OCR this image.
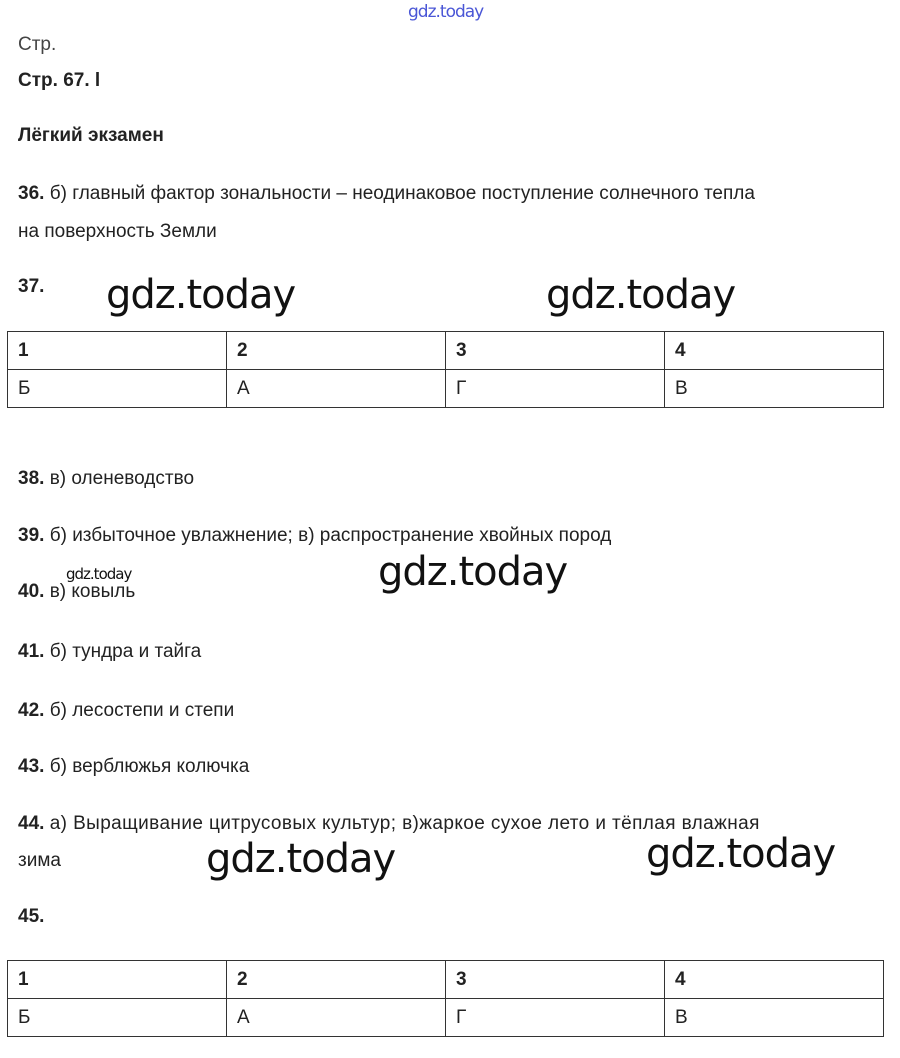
gdz.today
Стр.
Стр. 67. l
Лёгкий экзамен
36. б) главный фактор зональности – неодинаковое поступление солнечного тепла
на поверхность Земли
37. gdz.today	gdz.today
1	2	3	4
Б	А	Г	В
38. в) оленеводство
39. б) избыточное увлажнение; в) распространение хвойных пород
gdz.today	gdz.today
40. в) ковыль
41. б) тундра и тайга
42. б) лесостепи и степи
43. б) верблюжья колючка
44. а) Выращивание цитрусовых культур; в)жаркое сухое лето и тёплая влажная
зима	gdz.today	gdz.today
45.
1	2	3	4
Б	А	Г	В
